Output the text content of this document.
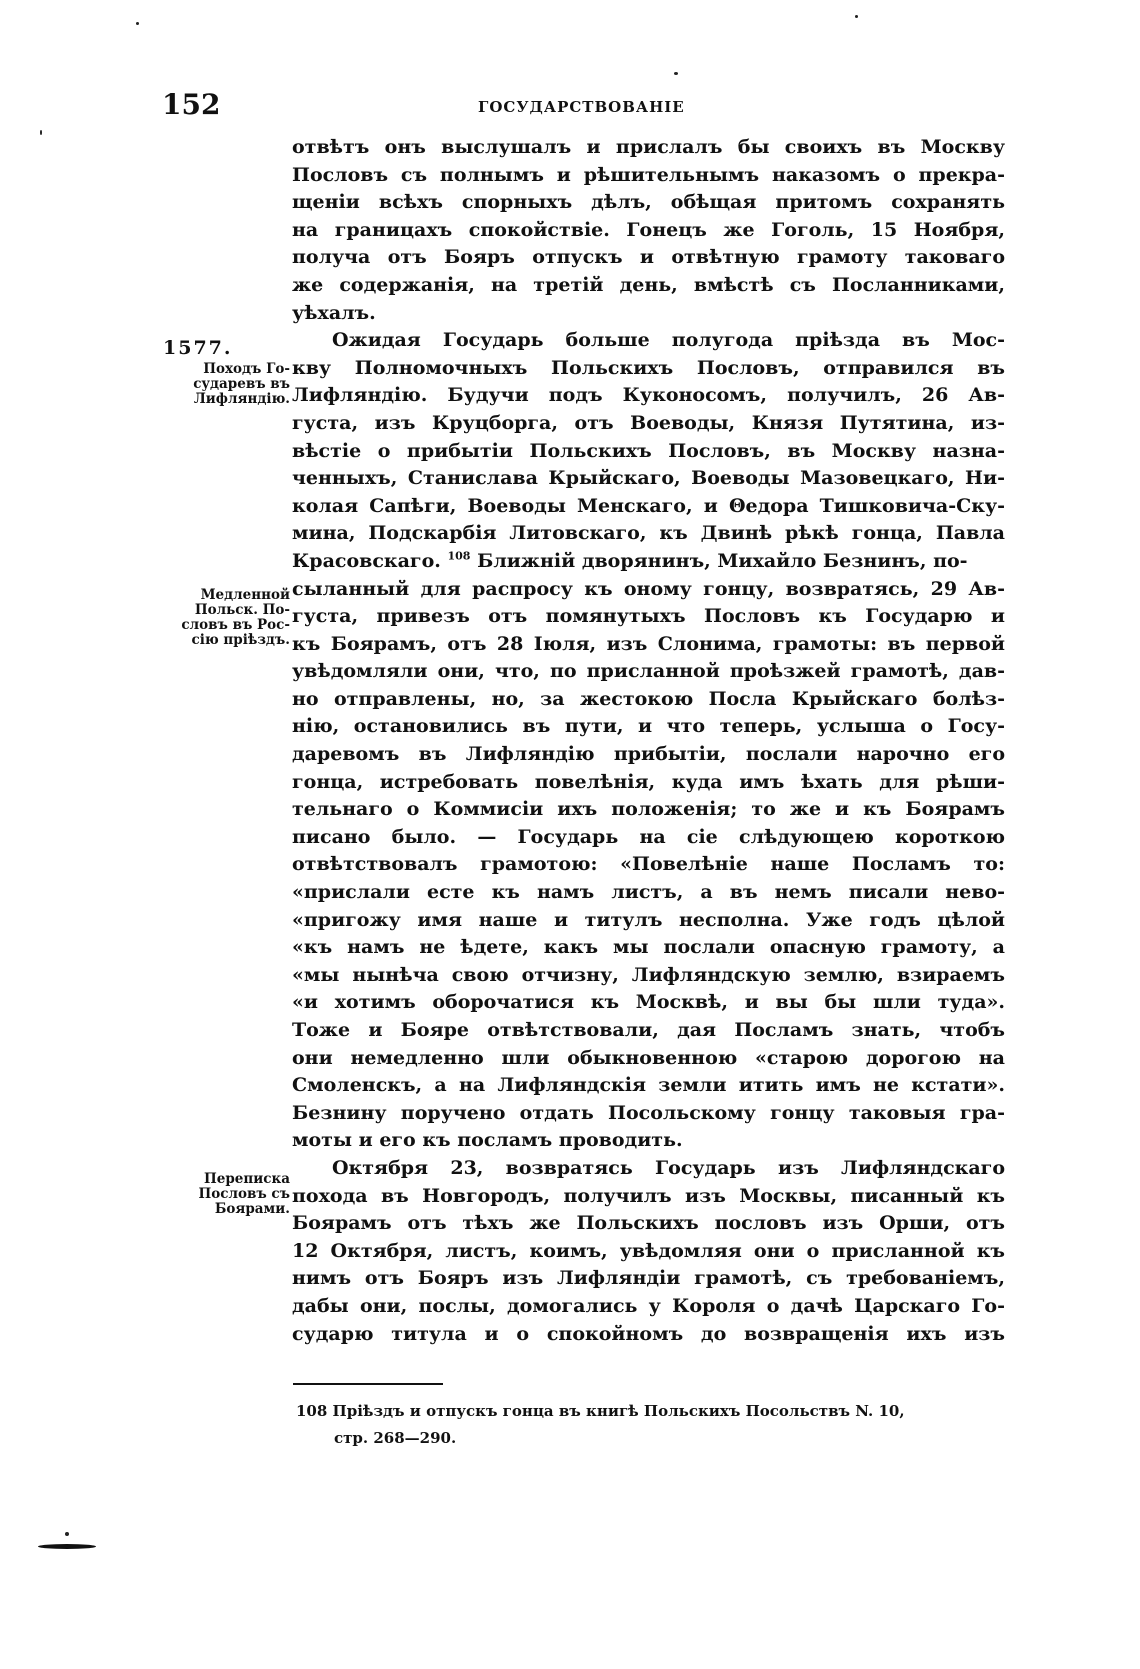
152	ГОСУДАРСТВОВАНІЕ
отвѣтъ онъ выслушалъ и прислалъ бы своихъ въ Москву
Пословъ съ полнымъ и рѣшительнымъ наказомъ о прекра-
щеніи всѣхъ спорныхъ дѣлъ, обѣщая притомъ сохранять
на границахъ спокойствіе. Гонецъ же Гоголь, 15 Ноября,
получа отъ Бояръ отпускъ и отвѣтную грамоту таковаго
же содержанія, на третій день, вмѣстѣ съ Посланниками,
уѣхалъ.
Ожидая Государь больше полугода пріѣзда въ Мос-
кву Полномочныхъ Польскихъ Пословъ, отправился въ
Лифляндію. Будучи подъ Куконосомъ, получилъ, 26 Ав-
густа, изъ Круцборга, отъ Воеводы, Князя Путятина, из-
вѣстіе о прибытіи Польскихъ Пословъ, въ Москву назна-
ченныхъ, Станислава Крыйскаго, Воеводы Мазовецкаго, Ни-
колая Сапѣги, Воеводы Менскаго, и Θедора Тишковича-Ску-
мина, Подскарбія Литовскаго, къ Двинѣ рѣкѣ гонца, Павла
Красовскаго. $^{108}$ Ближній дворянинъ, Михайло Безнинъ, по-
сыланный для распросу къ оному гонцу, возвратясь, 29 Ав-
густа, привезъ отъ помянутыхъ Пословъ къ Государю и
къ Боярамъ, отъ 28 Іюля, изъ Слонима, грамоты: въ первой
увѣдомляли они, что, по присланной проѣзжей грамотѣ, дав-
но отправлены, но, за жестокою Посла Крыйскаго болѣз-
нію, остановились въ пути, и что теперь, услыша о Госу-
даревомъ въ Лифляндію прибытіи, послали нарочно его
гонца, истребовать повелѣнія, куда имъ ѣхать для рѣши-
тельнаго о Коммисіи ихъ положенія; то же и къ Боярамъ
писано было. — Государь на сіе слѣдующею короткою
отвѣтствовалъ грамотою: «Повелѣніе наше Посламъ то:
«прислали есте къ намъ листъ, а въ немъ писали нево-
«пригожу имя наше и титулъ несполна. Уже годъ цѣлой
«къ намъ не ѣдете, какъ мы послали опасную грамоту, а
«мы нынѣча свою отчизну, Лифляндскую землю, взираемъ
«и хотимъ обoрочатися къ Москвѣ, и вы бы шли туда».
Тоже и Бояре отвѣтствовали, дая Посламъ знать, чтобъ
они немедленно шли обыкновенною «старою дорогою на
Смоленскъ, а на Лифляндскія земли итить имъ не кстати».
Безнину поручено отдать Посольскому гонцу таковыя гра-
моты и его къ посламъ проводить.
Октября 23, возвратясь Государь изъ Лифляндскаго
похода въ Новгородъ, получилъ изъ Москвы, писанный къ
Боярамъ отъ тѣхъ же Польскихъ пословъ изъ Орши, отъ
12 Октября, листъ, коимъ, увѣдомляя они о присланной къ
нимъ отъ Бояръ изъ Лифляндіи грамотѣ, съ требованіемъ,
дабы они, послы, домогались у Короля о дачѣ Царскаго Го-
сударю титула и о спокойномъ до возвращенія ихъ изъ
1577.
Походъ Го-
сударевъ въ
Лифляндію.
Медленной
Польск. По-
словъ въ Рос-
сію пріѣздъ.
Переписка
Пословъ съ
Боярами.
108 Пріѣздъ и отпускъ гонца въ книгѣ Польскихъ Посольствъ N. 10,
стр. 268—290.
